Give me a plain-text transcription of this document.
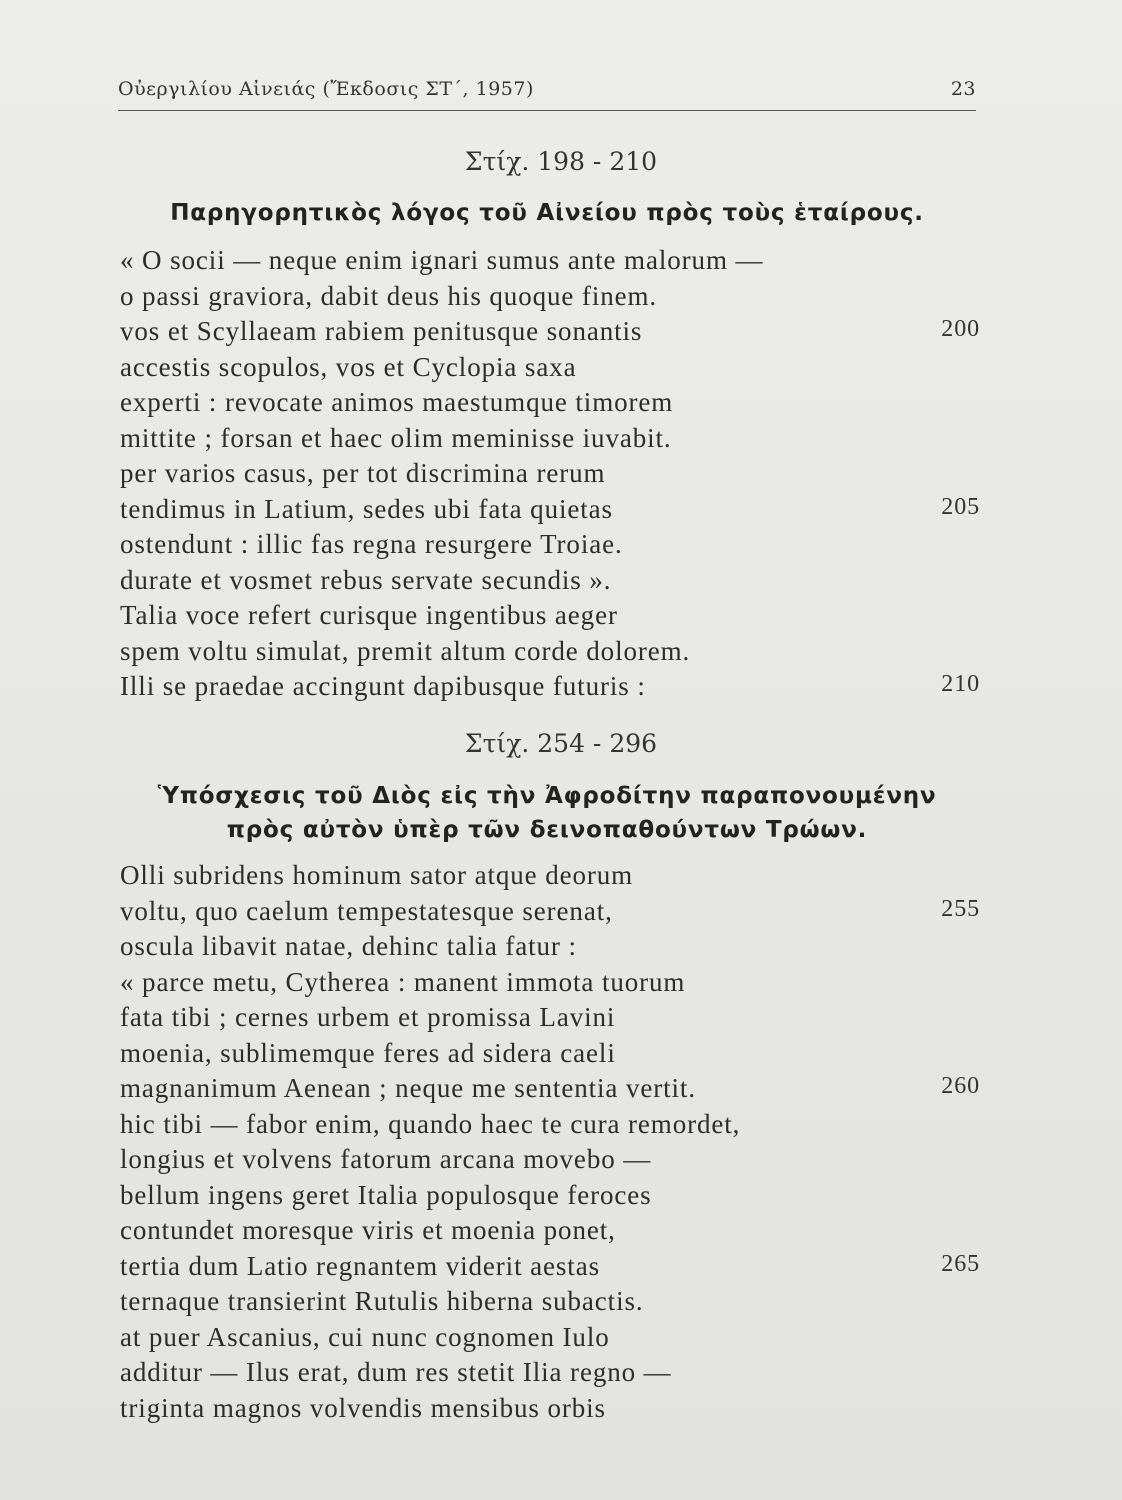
Οὐεργιλίου Αἰνειάς (Ἔκδοσις ΣΤ΄, 1957)	23
Στίχ. 198 - 210
Παρηγορητικὸς λόγος τοῦ Αἰνείου πρὸς τοὺς ἑταίρους.
« O socii — neque enim ignari sumus ante malorum —
o passi graviora, dabit deus his quoque finem.
vos et Scyllaeam rabiem penitusque sonantis	200
accestis scopulos, vos et Cyclopia saxa
experti : revocate animos maestumque timorem
mittite ; forsan et haec olim meminisse iuvabit.
per varios casus, per tot discrimina rerum
tendimus in Latium, sedes ubi fata quietas	205
ostendunt : illic fas regna resurgere Troiae.
durate et vosmet rebus servate secundis ».
Talia voce refert curisque ingentibus aeger
spem voltu simulat, premit altum corde dolorem.
Illi se praedae accingunt dapibusque futuris :	210
Στίχ. 254 - 296
Ὑπόσχεσις τοῦ Διὸς εἰς τὴν Ἀφροδίτην παραπονουμένην
πρὸς αὐτὸν ὑπὲρ τῶν δεινοπαθούντων Τρώων.
Olli subridens hominum sator atque deorum
voltu, quo caelum tempestatesque serenat,	255
oscula libavit natae, dehinc talia fatur :
« parce metu, Cytherea : manent immota tuorum
fata tibi ; cernes urbem et promissa Lavini
moenia, sublimemque feres ad sidera caeli
magnanimum Aenean ; neque me sententia vertit.	260
hic tibi — fabor enim, quando haec te cura remordet,
longius et volvens fatorum arcana movebo —
bellum ingens geret Italia populosque feroces
contundet moresque viris et moenia ponet,
tertia dum Latio regnantem viderit aestas	265
ternaque transierint Rutulis hiberna subactis.
at puer Ascanius, cui nunc cognomen Iulo
additur — Ilus erat, dum res stetit Ilia regno —
triginta magnos volvendis mensibus orbis
